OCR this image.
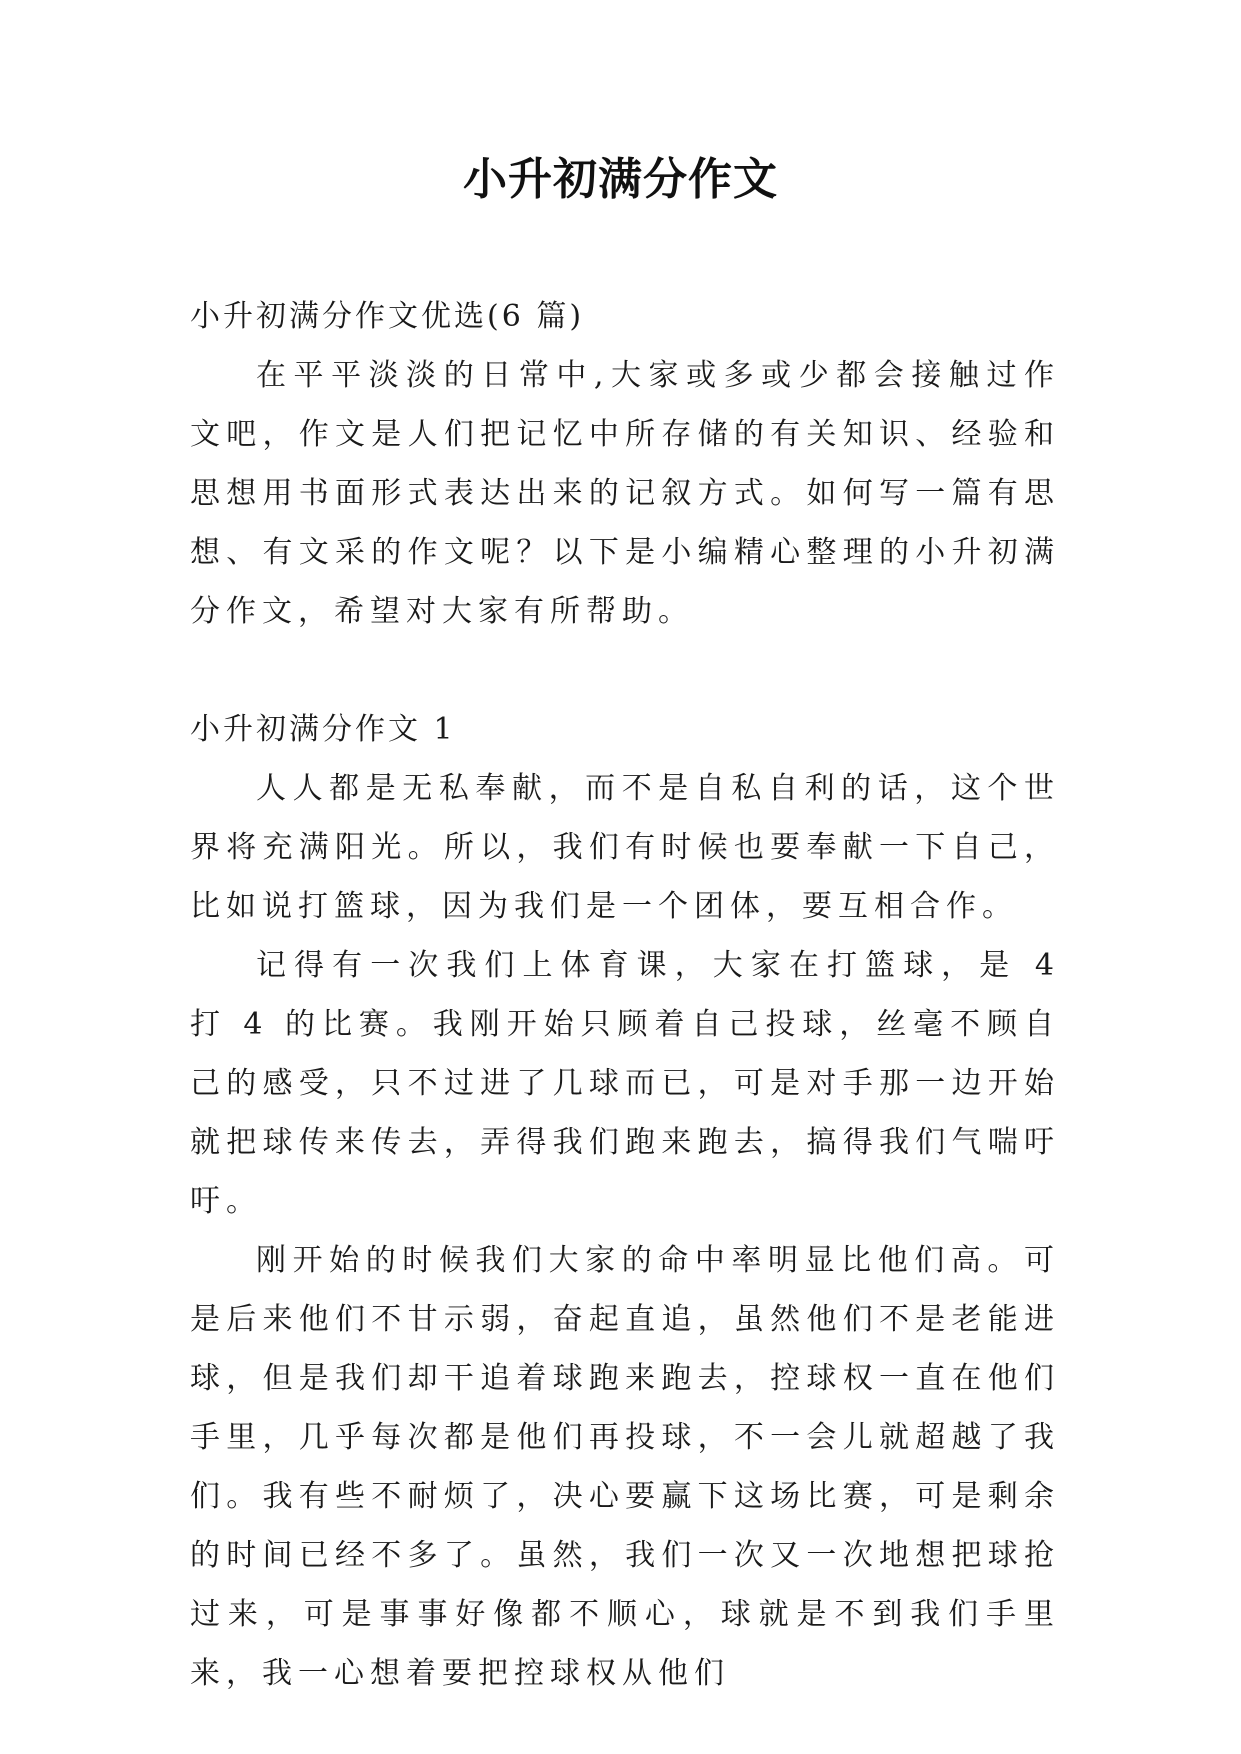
小升初满分作文

小升初满分作文优选(6 篇)

在平平淡淡的日常中,大家或多或少都会接触过作文吧，作文是人们把记忆中所存储的有关知识、经验和思想用书面形式表达出来的记叙方式。如何写一篇有思想、有文采的作文呢？以下是小编精心整理的小升初满分作文，希望对大家有所帮助。

小升初满分作文 1

人人都是无私奉献，而不是自私自利的话，这个世界将充满阳光。所以，我们有时候也要奉献一下自己，比如说打篮球，因为我们是一个团体，要互相合作。

记得有一次我们上体育课，大家在打篮球，是 4 打 4 的比赛。我刚开始只顾着自己投球，丝毫不顾自己的感受，只不过进了几球而已，可是对手那一边开始就把球传来传去，弄得我们跑来跑去，搞得我们气喘吁吁。

刚开始的时候我们大家的命中率明显比他们高。可是后来他们不甘示弱，奋起直追，虽然他们不是老能进球，但是我们却干追着球跑来跑去，控球权一直在他们手里，几乎每次都是他们再投球，不一会儿就超越了我们。我有些不耐烦了，决心要赢下这场比赛，可是剩余的时间已经不多了。虽然，我们一次又一次地想把球抢过来，可是事事好像都不顺心，球就是不到我们手里来，我一心想着要把控球权从他们
